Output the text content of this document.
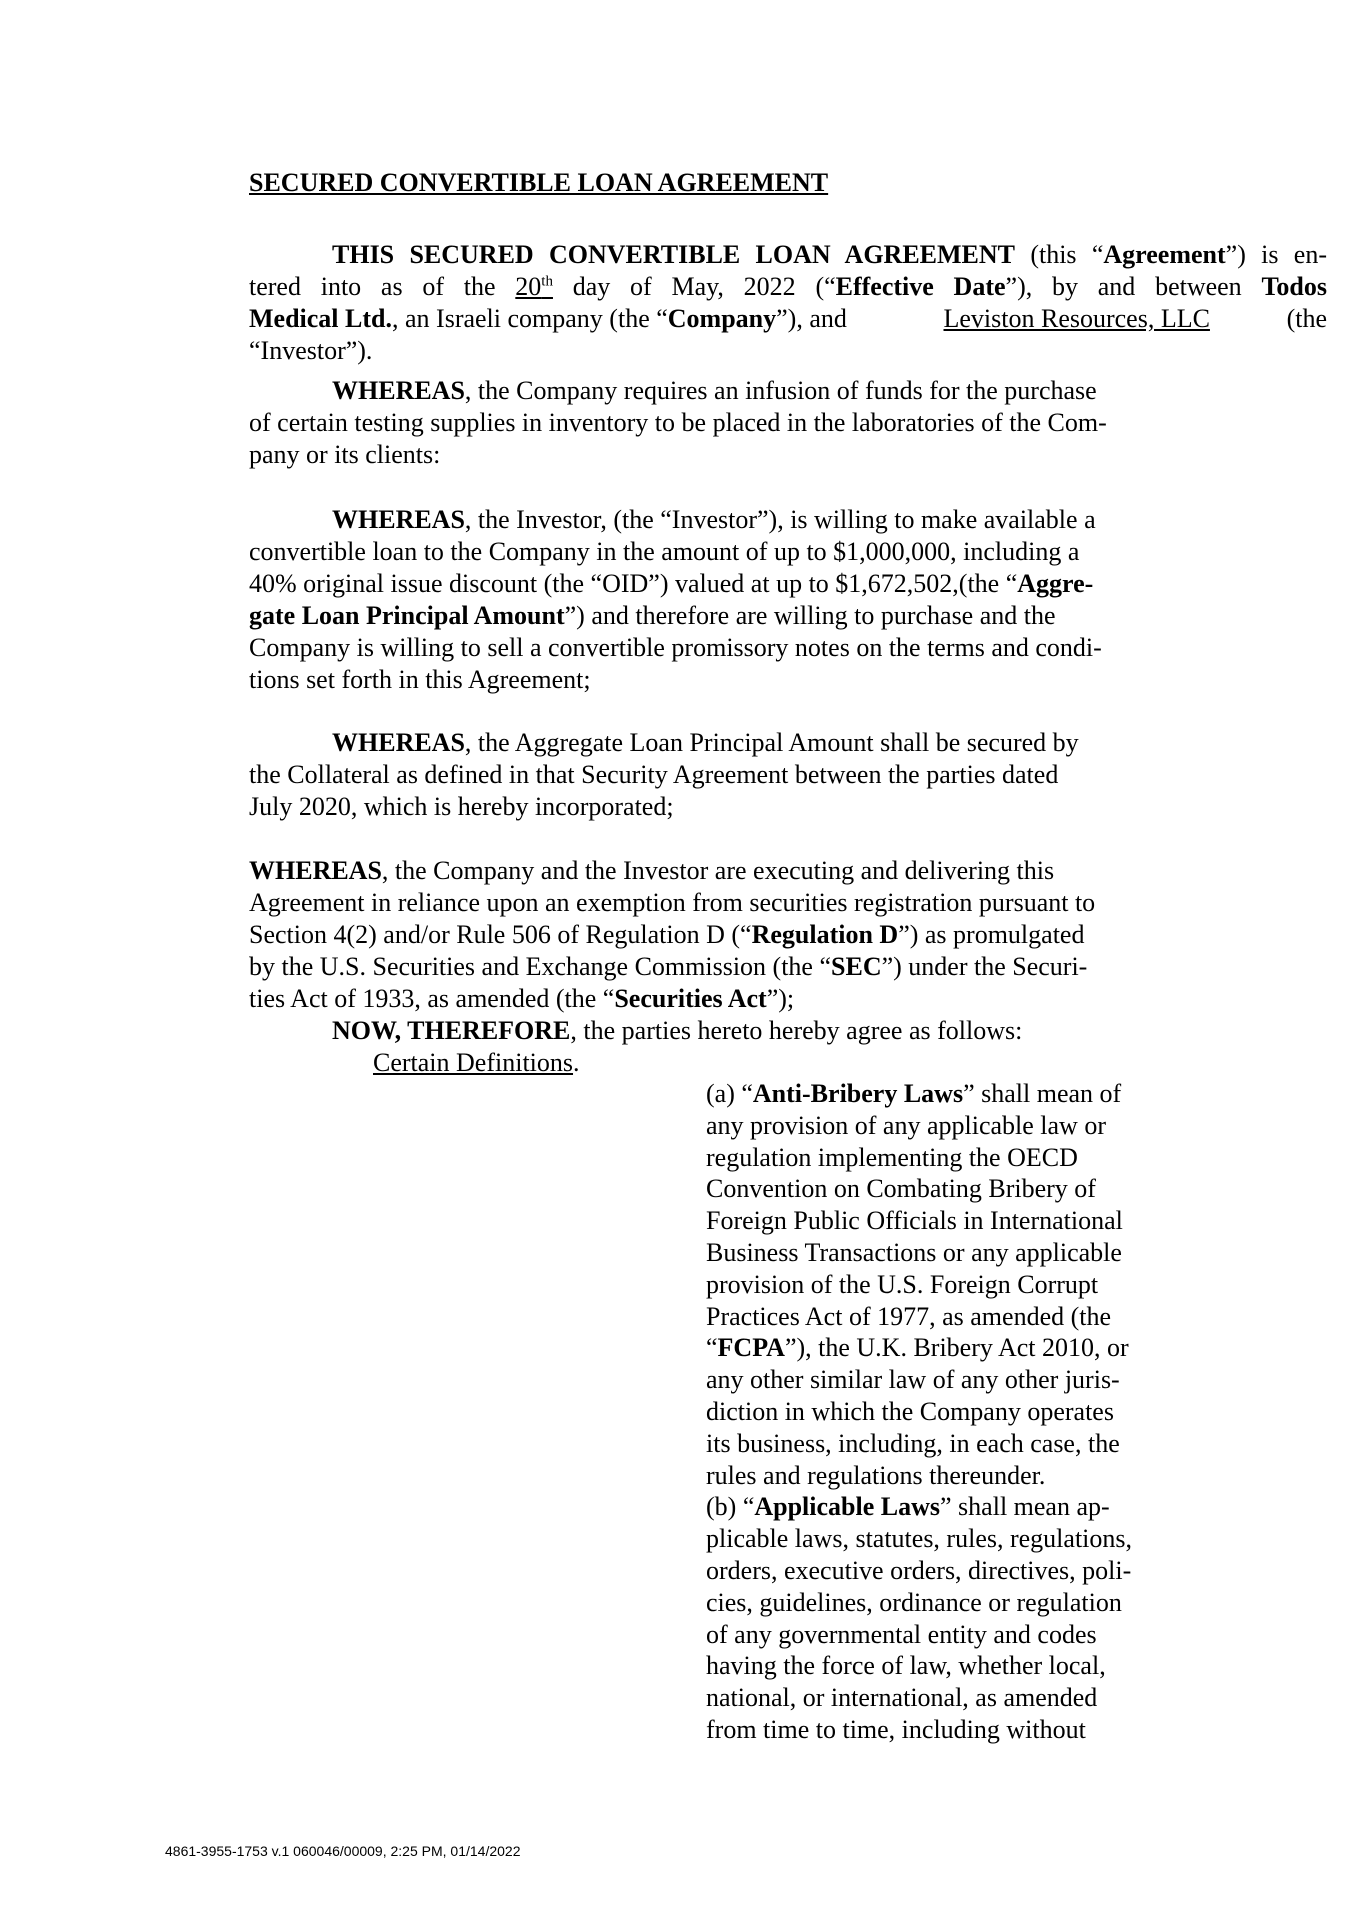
SECURED CONVERTIBLE LOAN AGREEMENT
THIS SECURED CONVERTIBLE LOAN AGREEMENT (this “Agreement”) is en-
tered into as of the 20th day of May, 2022 (“Effective Date”), by and between Todos
Medical Ltd., an Israeli company (the “Company”), and	Leviston Resources, LLC	(the
“Investor”).
WHEREAS, the Company requires an infusion of funds for the purchase
of certain testing supplies in inventory to be placed in the laboratories of the Com-
pany or its clients:
WHEREAS, the Investor, (the “Investor”), is willing to make available a
convertible loan to the Company in the amount of up to $1,000,000, including a
40% original issue discount (the “OID”) valued at up to $1,672,502,(the “Aggre-
gate Loan Principal Amount”) and therefore are willing to purchase and the
Company is willing to sell a convertible promissory notes on the terms and condi-
tions set forth in this Agreement;
WHEREAS, the Aggregate Loan Principal Amount shall be secured by
the Collateral as defined in that Security Agreement between the parties dated
July 2020, which is hereby incorporated;
WHEREAS, the Company and the Investor are executing and delivering this
Agreement in reliance upon an exemption from securities registration pursuant to
Section 4(2) and/or Rule 506 of Regulation D (“Regulation D”) as promulgated
by the U.S. Securities and Exchange Commission (the “SEC”) under the Securi-
ties Act of 1933, as amended (the “Securities Act”);
NOW, THEREFORE, the parties hereto hereby agree as follows:
Certain Definitions.
(a) “Anti-Bribery Laws” shall mean of
any provision of any applicable law or
regulation implementing the OECD
Convention on Combating Bribery of
Foreign Public Officials in International
Business Transactions or any applicable
provision of the U.S. Foreign Corrupt
Practices Act of 1977, as amended (the
“FCPA”), the U.K. Bribery Act 2010, or
any other similar law of any other juris-
diction in which the Company operates
its business, including, in each case, the
rules and regulations thereunder.
(b) “Applicable Laws” shall mean ap-
plicable laws, statutes, rules, regulations,
orders, executive orders, directives, poli-
cies, guidelines, ordinance or regulation
of any governmental entity and codes
having the force of law, whether local,
national, or international, as amended
from time to time, including without
4861-3955-1753 v.1 060046/00009, 2:25 PM, 01/14/2022
